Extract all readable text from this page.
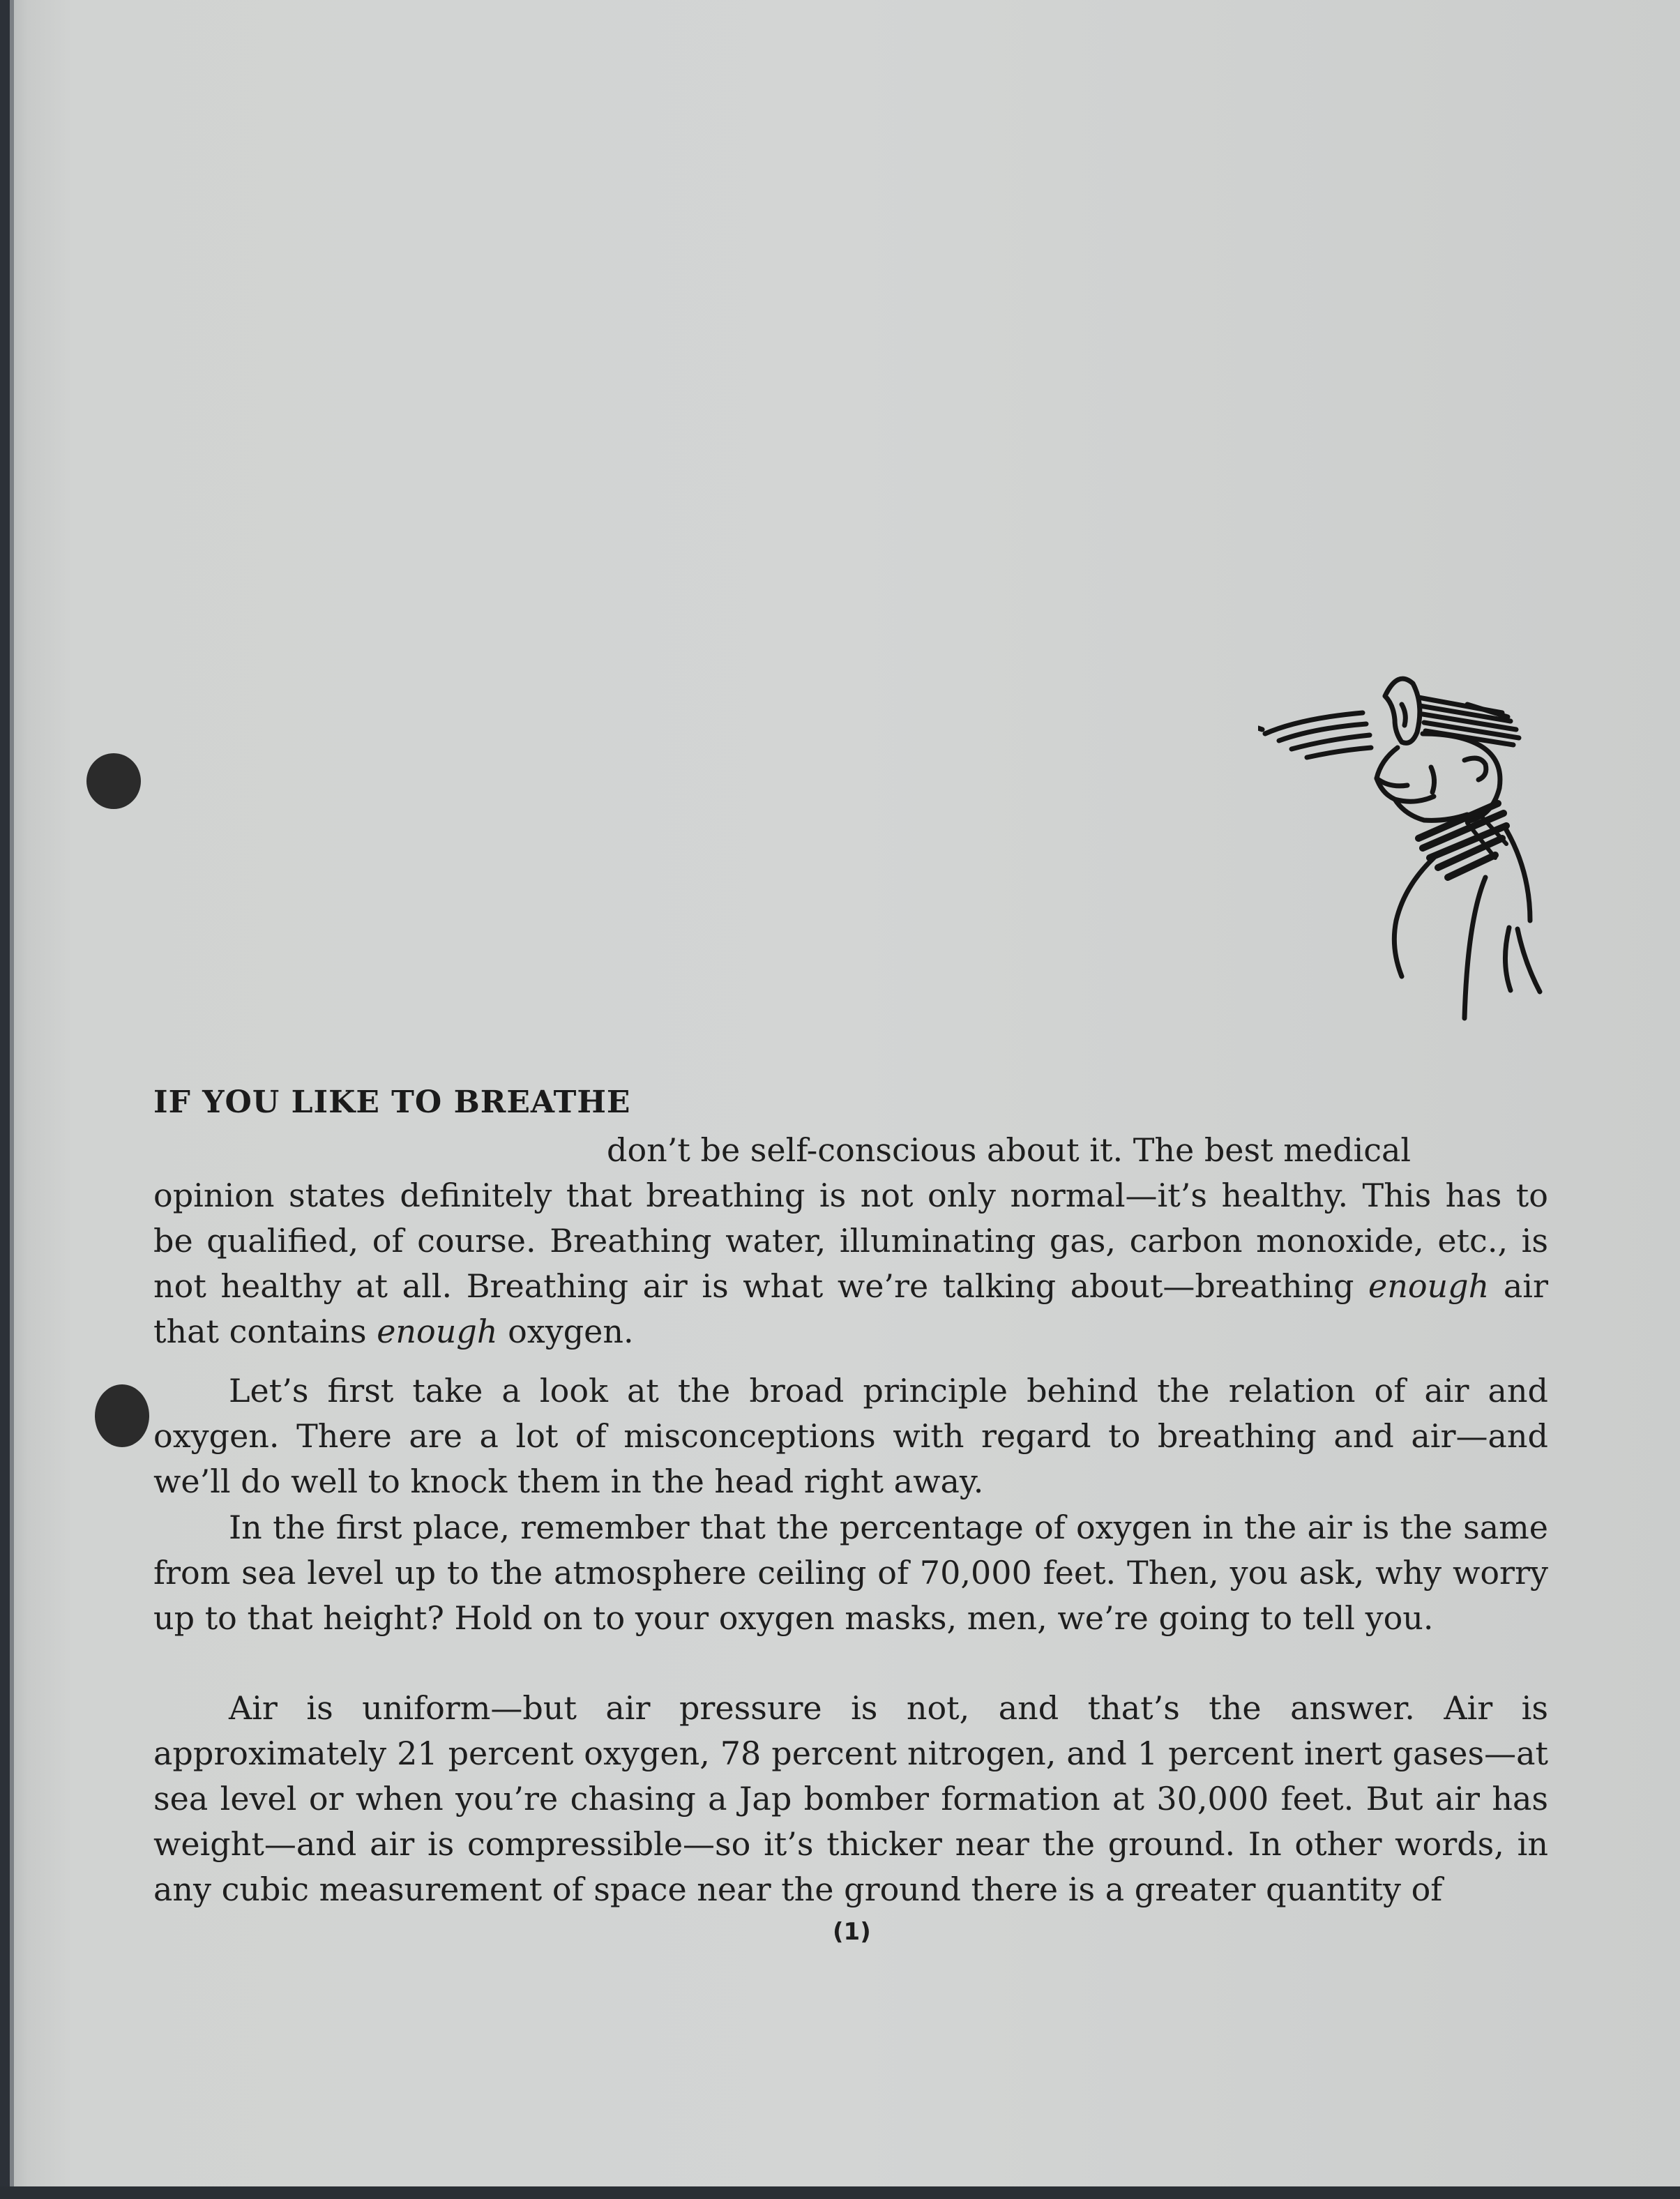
IF YOU LIKE TO BREATHE

don’t be self-conscious about it. The best medical
opinion states definitely that breathing is not only normal—it’s healthy. This has to be qualified, of course. Breathing water, illuminating gas, carbon monoxide, etc., is not healthy at all. Breathing air is what we’re talking about—breathing enough air that contains enough oxygen.

Let’s first take a look at the broad principle behind the relation of air and oxygen. There are a lot of misconceptions with regard to breathing and air—and we’ll do well to knock them in the head right away.

In the first place, remember that the percentage of oxygen in the air is the same from sea level up to the atmosphere ceiling of 70,000 feet. Then, you ask, why worry up to that height? Hold on to your oxygen masks, men, we’re going to tell you.

Air is uniform—but air pressure is not, and that’s the answer. Air is approximately 21 percent oxygen, 78 percent nitrogen, and 1 percent inert gases—at sea level or when you’re chasing a Jap bomber formation at 30,000 feet. But air has weight—and air is compressible—so it’s thicker near the ground. In other words, in any cubic measurement of space near the ground there is a greater quantity of

(1)
